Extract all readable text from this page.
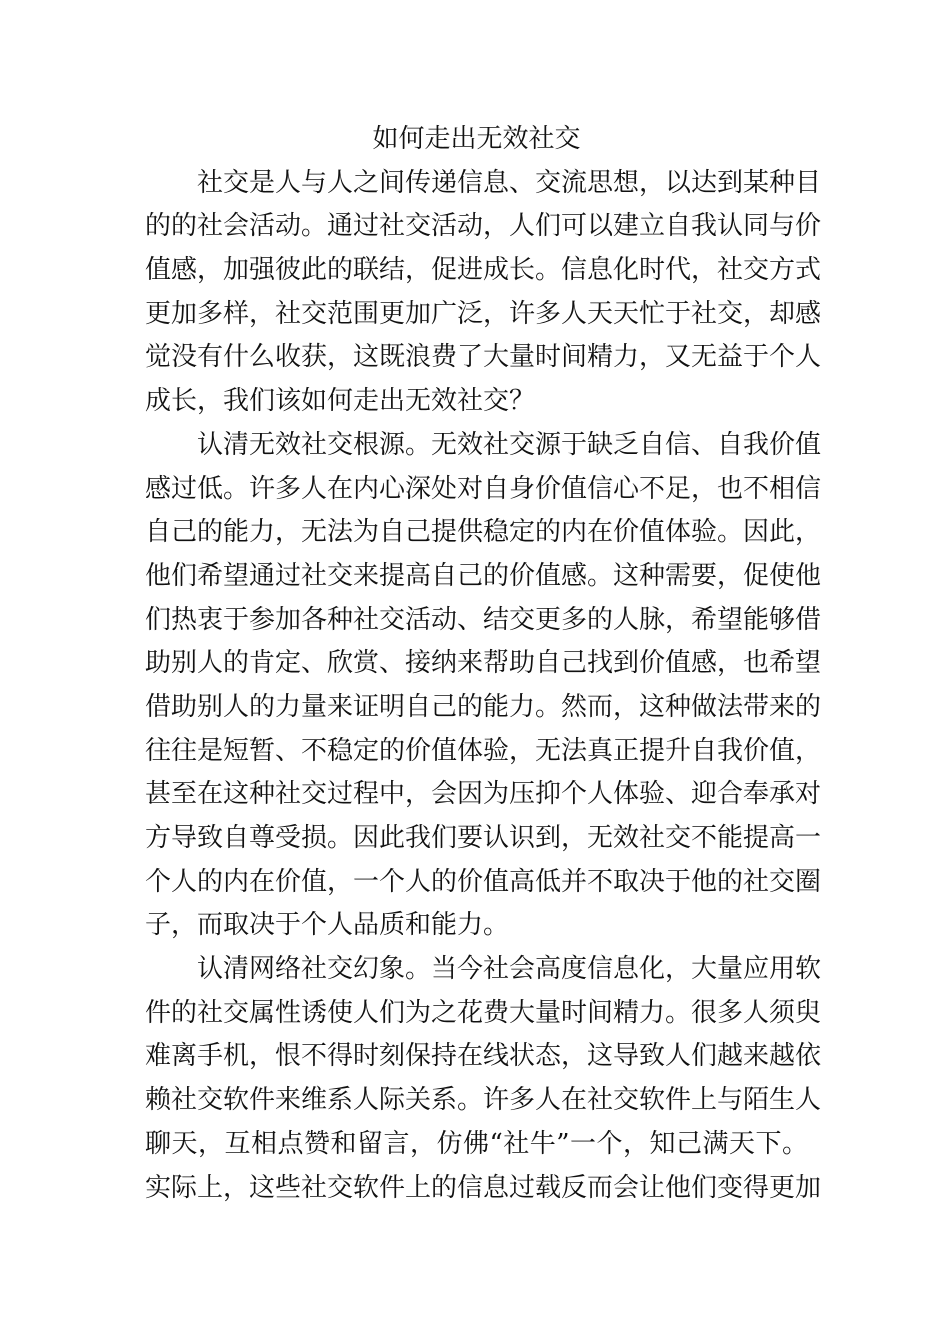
如何走出无效社交
社交是人与人之间传递信息、交流思想，以达到某种目
的的社会活动。通过社交活动，人们可以建立自我认同与价
值感，加强彼此的联结，促进成长。信息化时代，社交方式
更加多样，社交范围更加广泛，许多人天天忙于社交，却感
觉没有什么收获，这既浪费了大量时间精力，又无益于个人
成长，我们该如何走出无效社交？
认清无效社交根源。无效社交源于缺乏自信、自我价值
感过低。许多人在内心深处对自身价值信心不足，也不相信
自己的能力，无法为自己提供稳定的内在价值体验。因此，
他们希望通过社交来提高自己的价值感。这种需要，促使他
们热衷于参加各种社交活动、结交更多的人脉，希望能够借
助别人的肯定、欣赏、接纳来帮助自己找到价值感，也希望
借助别人的力量来证明自己的能力。然而，这种做法带来的
往往是短暂、不稳定的价值体验，无法真正提升自我价值，
甚至在这种社交过程中，会因为压抑个人体验、迎合奉承对
方导致自尊受损。因此我们要认识到，无效社交不能提高一
个人的内在价值，一个人的价值高低并不取决于他的社交圈
子，而取决于个人品质和能力。
认清网络社交幻象。当今社会高度信息化，大量应用软
件的社交属性诱使人们为之花费大量时间精力。很多人须臾
难离手机，恨不得时刻保持在线状态，这导致人们越来越依
赖社交软件来维系人际关系。许多人在社交软件上与陌生人
聊天，互相点赞和留言，仿佛“社牛”一个，知己满天下。
实际上，这些社交软件上的信息过载反而会让他们变得更加
